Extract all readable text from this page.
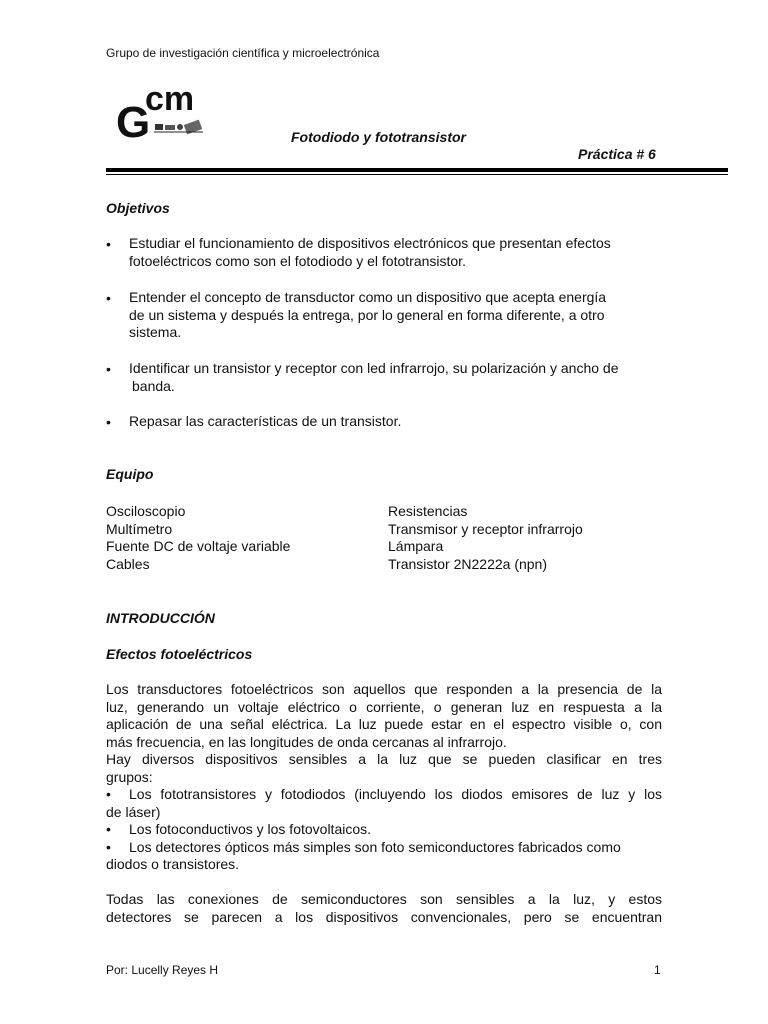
Grupo de investigación científica y microelectrónica
G
cm
Fotodiodo y fototransistor
Práctica # 6
Objetivos
• Estudiar el funcionamiento de dispositivos electrónicos que presentan efectos
fotoeléctricos como son el fotodiodo y el fototransistor.
• Entender el concepto de transductor como un dispositivo que acepta energía
de un sistema y después la entrega, por lo general en forma diferente, a otro
sistema.
• Identificar un transistor y receptor con led infrarrojo, su polarización y ancho de
banda.
• Repasar las características de un transistor.
Equipo
Osciloscopio
Multímetro
Fuente DC de voltaje variable
Cables
Resistencias
Transmisor y receptor infrarrojo
Lámpara
Transistor 2N2222a (npn)
INTRODUCCIÓN
Efectos fotoeléctricos
Los transductores fotoeléctricos son aquellos que responden a la presencia de la
luz, generando un voltaje eléctrico o corriente, o generan luz en respuesta a la
aplicación de una señal eléctrica. La luz puede estar en el espectro visible o, con
más frecuencia, en las longitudes de onda cercanas al infrarrojo.
Hay diversos dispositivos sensibles a la luz que se pueden clasificar en tres
grupos:
• Los fototransistores y fotodiodos (incluyendo los diodos emisores de luz y los
de láser)
• Los fotoconductivos y los fotovoltaicos.
• Los detectores ópticos más simples son foto semiconductores fabricados como
diodos o transistores.
Todas las conexiones de semiconductores son sensibles a la luz, y estos
detectores se parecen a los dispositivos convencionales, pero se encuentran
Por: Lucelly Reyes H	1
